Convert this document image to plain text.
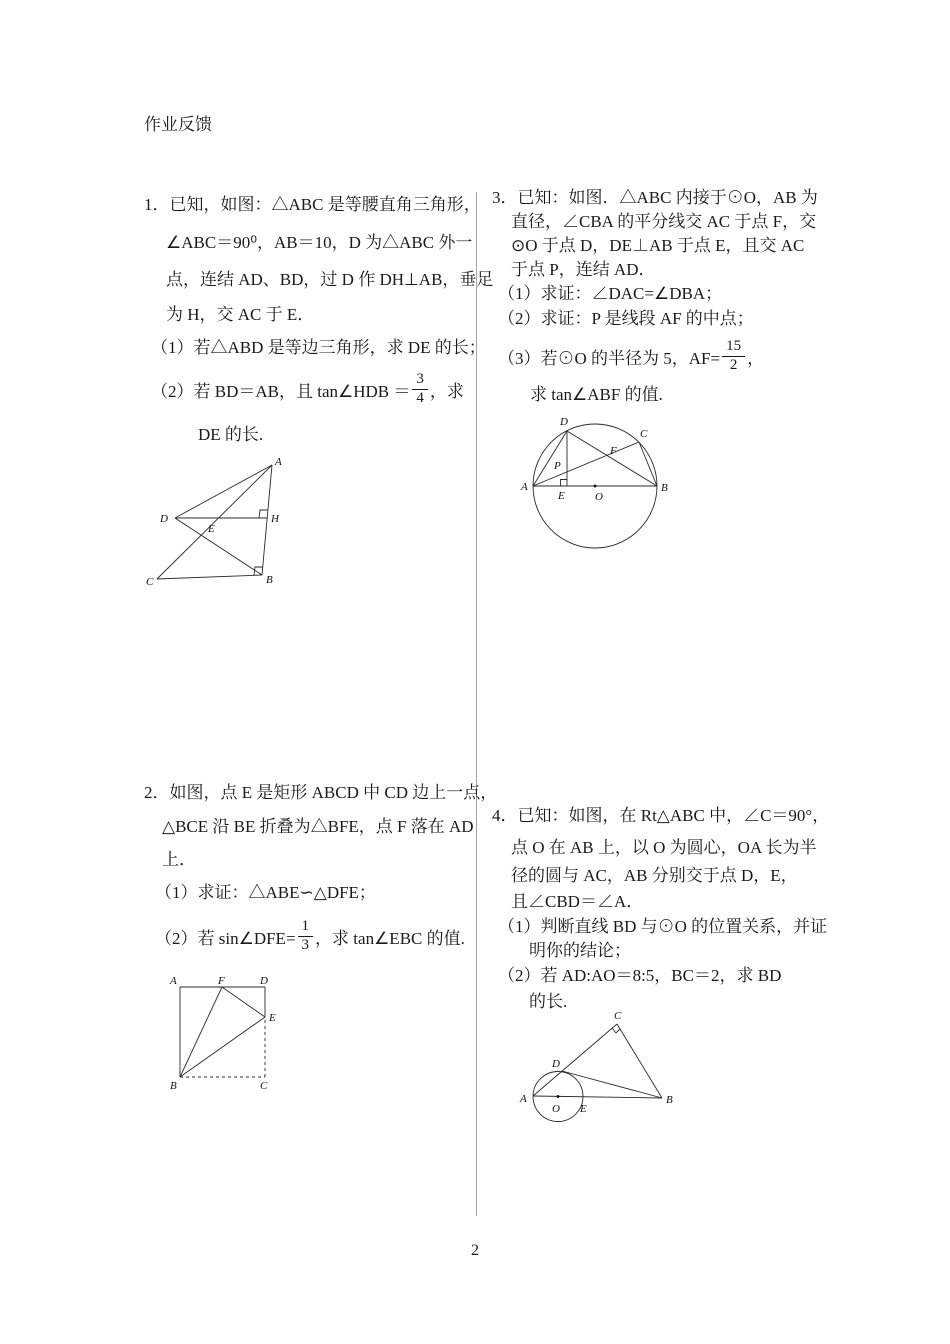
作业反馈
1．已知，如图：△ABC 是等腰直角三角形，
∠ABC＝90⁰，AB＝10，D 为△ABC 外一
点，连结 AD、BD，过 D 作 DH⊥AB，垂足
为 H，交 AC 于 E．
（1）若△ABD 是等边三角形，求 DE 的长；
（2）若 BD＝AB，且 tan∠HDB ＝ $\frac{3}{4}$ ，求
DE 的长.
A
B
C
D
E
H
3．已知：如图．△ABC 内接于⊙O，AB 为
直径，∠CBA 的平分线交 AC 于点 F，交
⊙O 于点 D，DE⊥AB 于点 E，且交 AC
于点 P，连结 AD．
（1）求证：∠DAC=∠DBA；
（2）求证：P 是线段 AF 的中点；
（3）若⊙O 的半径为 5，$AF= \frac{15}{2}$ ，
求 tan∠ABF 的值.
D
C
A	B
P
F
E	O
2．如图，点 E 是矩形 ABCD 中 CD 边上一点，
△BCE 沿 BE 折叠为△BFE，点 F 落在 AD
上．
（1）求证：△ABE∽△DFE；
（2）若 sin∠DFE= $\frac{1}{3}$ ，求 tan∠EBC 的值.
A	F	D
E
B	C
4．已知：如图，在 Rt△ABC 中，∠C＝90°，
点 O 在 AB 上，以 O 为圆心，OA 长为半
径的圆与 AC，AB 分别交于点 D，E，
且∠CBD＝∠A．
（1）判断直线 BD 与⊙O 的位置关系，并证
明你的结论；
（2）若 AD:AO＝8:5，BC＝2，求 BD
的长.
C
D
A	B
O E
2
